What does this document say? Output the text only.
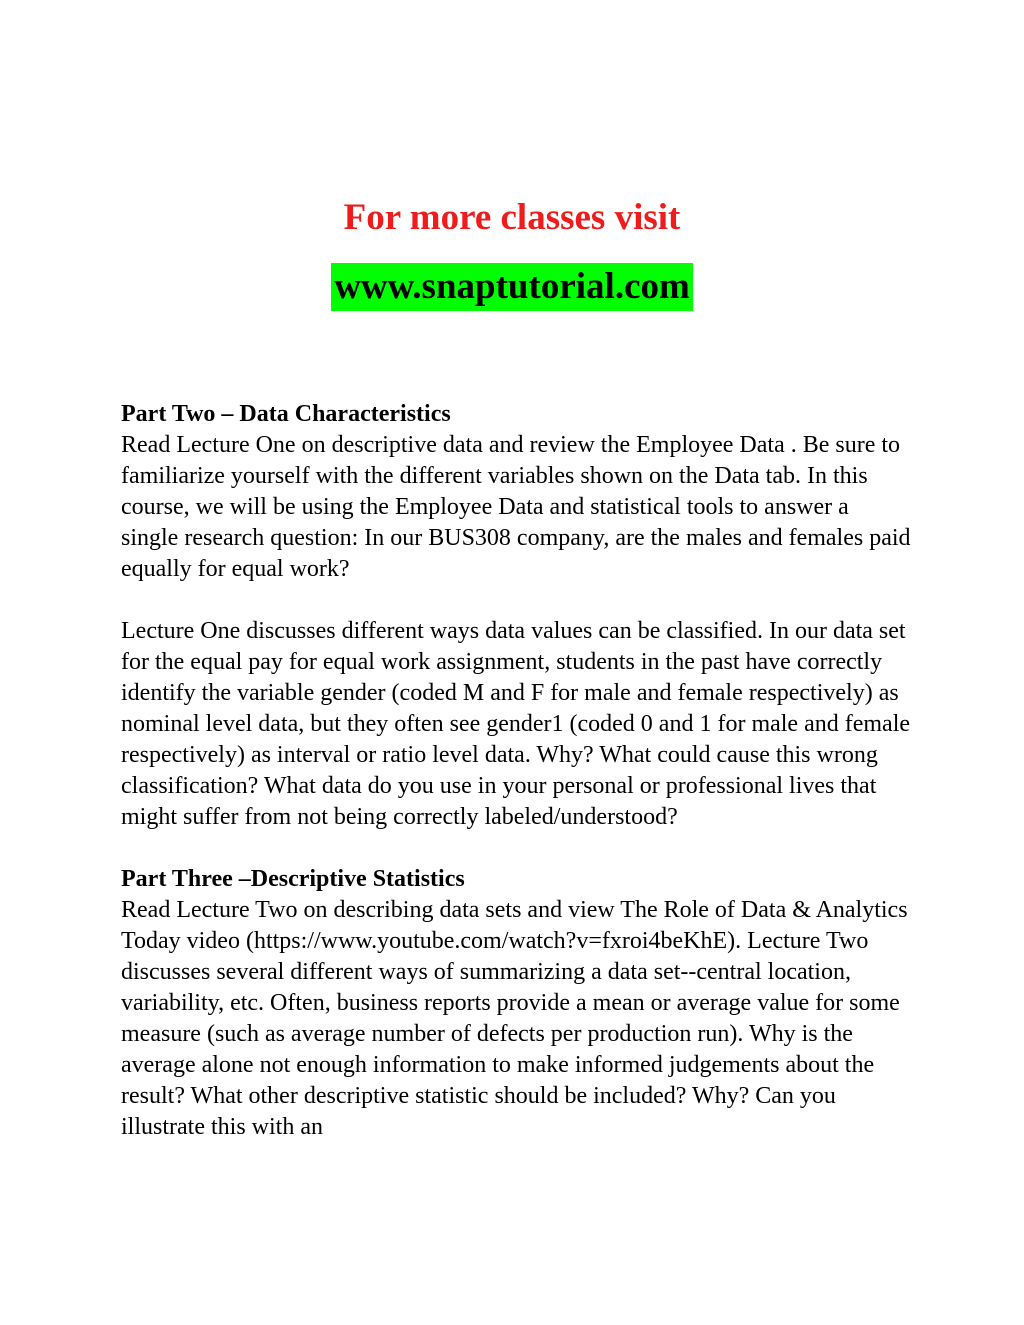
For more classes visit
www.snaptutorial.com

Part Two – Data Characteristics

Read Lecture One on descriptive data and review the Employee Data . Be sure to familiarize yourself with the different variables shown on the Data tab. In this course, we will be using the Employee Data and statistical tools to answer a single research question: In our BUS308 company, are the males and females paid equally for equal work?

Lecture One discusses different ways data values can be classified. In our data set for the equal pay for equal work assignment, students in the past have correctly identify the variable gender (coded M and F for male and female respectively) as nominal level data, but they often see gender1 (coded 0 and 1 for male and female respectively) as interval or ratio level data. Why? What could cause this wrong classification? What data do you use in your personal or professional lives that might suffer from not being correctly labeled/understood?

Part Three –Descriptive Statistics

Read Lecture Two on describing data sets and view The Role of Data & Analytics Today video (https://www.youtube.com/watch?v=fxroi4beKhE). Lecture Two discusses several different ways of summarizing a data set--central location, variability, etc. Often, business reports provide a mean or average value for some measure (such as average number of defects per production run). Why is the average alone not enough information to make informed judgements about the result? What other descriptive statistic should be included? Why? Can you illustrate this with an
